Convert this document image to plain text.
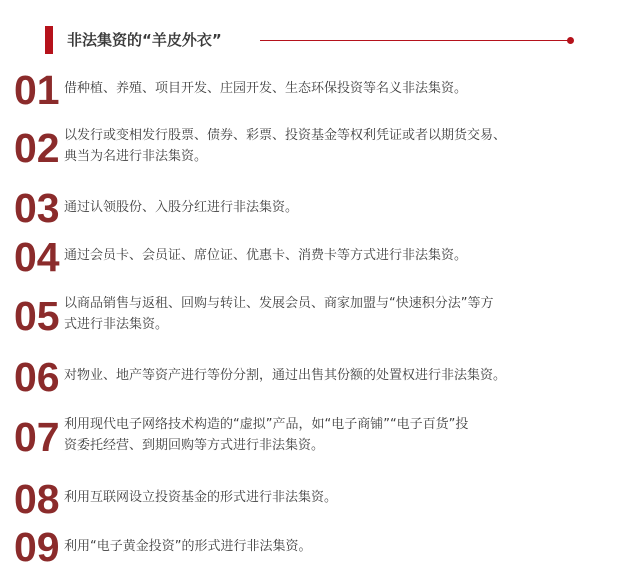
非法集资的“羊皮外衣”
01 借种植、养殖、项目开发、庄园开发、生态环保投资等名义非法集资。
02 以发行或变相发行股票、债券、彩票、投资基金等权利凭证或者以期货交易、
典当为名进行非法集资。
03 通过认领股份、入股分红进行非法集资。
04 通过会员卡、会员证、席位证、优惠卡、消费卡等方式进行非法集资。
05 以商品销售与返租、回购与转让、发展会员、商家加盟与“快速积分法”等方
式进行非法集资。
06 对物业、地产等资产进行等份分割，通过出售其份额的处置权进行非法集资。
07 利用现代电子网络技术构造的“虚拟”产品，如“电子商铺”“电子百货”投
资委托经营、到期回购等方式进行非法集资。
08 利用互联网设立投资基金的形式进行非法集资。
09 利用“电子黄金投资”的形式进行非法集资。
